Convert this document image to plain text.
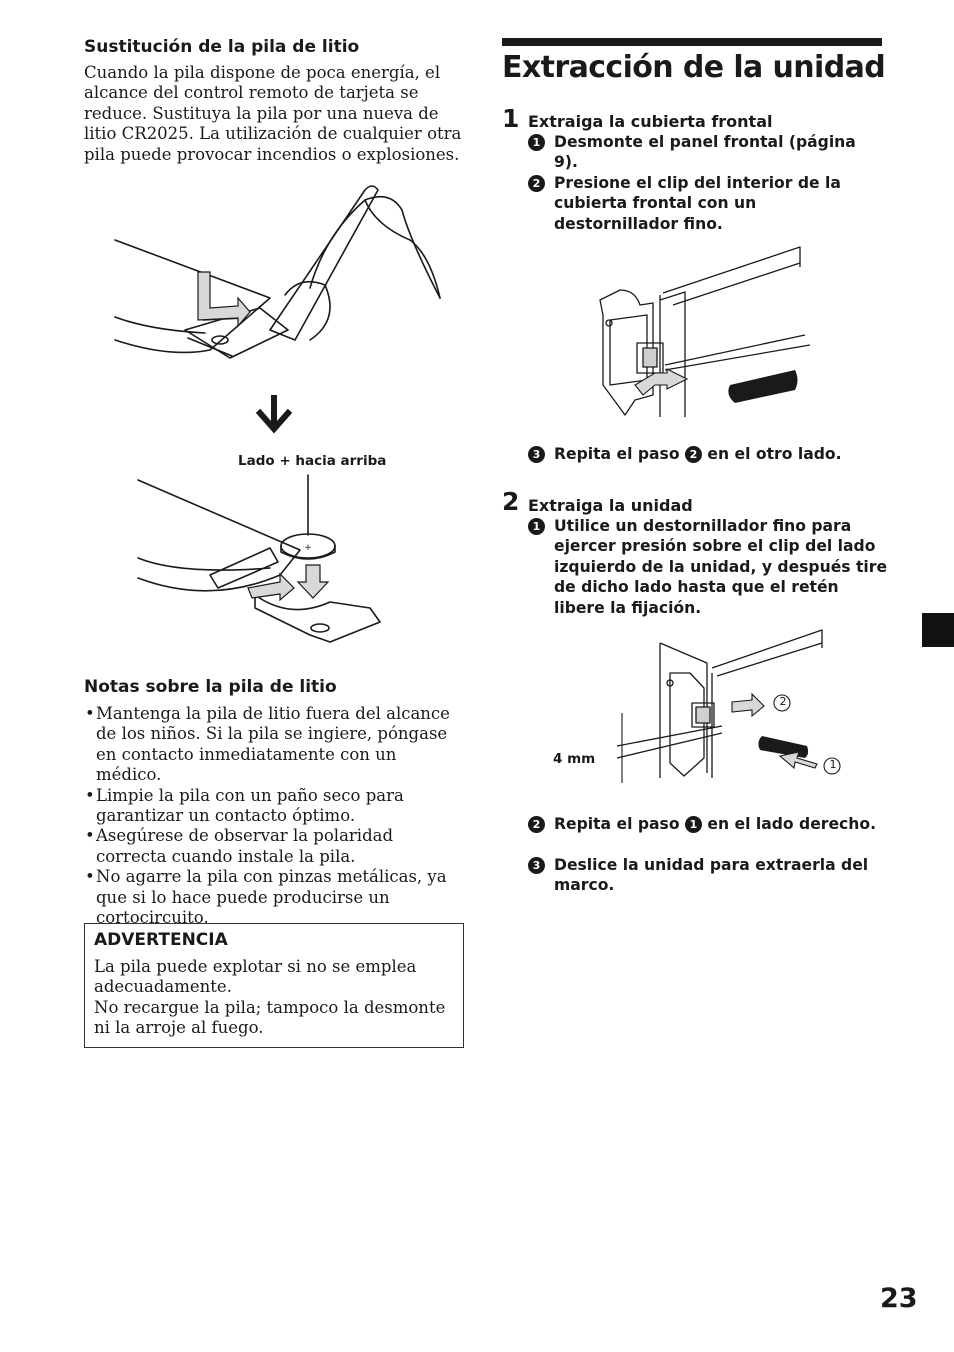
Sustitución de la pila de litio
Cuando la pila dispone de poca energía, el alcance del control remoto de tarjeta se reduce. Sustituya la pila por una nueva de litio CR2025. La utilización de cualquier otra pila puede provocar incendios o explosiones.
Lado + hacia arriba
+
Notas sobre la pila de litio
• Mantenga la pila de litio fuera del alcance de los niños. Si la pila se ingiere, póngase en contacto inmediatamente con un médico.
• Limpie la pila con un paño seco para garantizar un contacto óptimo.
• Asegúrese de observar la polaridad correcta cuando instale la pila.
• No agarre la pila con pinzas metálicas, ya que si lo hace puede producirse un cortocircuito.
ADVERTENCIA
La pila puede explotar si no se emplea adecuadamente.
No recargue la pila; tampoco la desmonte ni la arroje al fuego.
Extracción de la unidad
1 Extraiga la cubierta frontal
1 Desmonte el panel frontal (página 9).
2 Presione el clip del interior de la cubierta frontal con un destornillador fino.
3 Repita el paso 2 en el otro lado.
2 Extraiga la unidad
1 Utilice un destornillador fino para ejercer presión sobre el clip del lado izquierdo de la unidad, y después tire de dicho lado hasta que el retén libere la fijación.
2
1
4 mm
2 Repita el paso 1 en el lado derecho.
3 Deslice la unidad para extraerla del marco.
23
